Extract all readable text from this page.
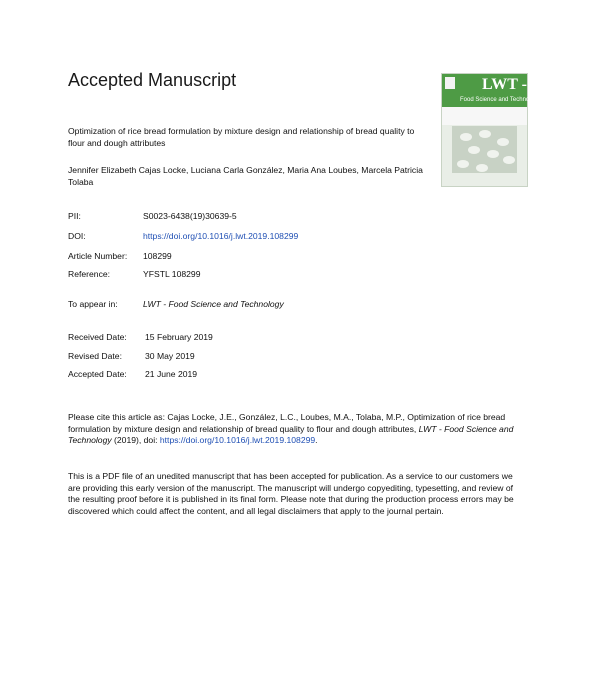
Accepted Manuscript	LWT -
Food Science and Technology
Optimization of rice bread formulation by mixture design and relationship of bread quality to flour and dough attributes
Jennifer Elizabeth Cajas Locke, Luciana Carla González, Maria Ana Loubes, Marcela Patricia Tolaba
PII:	S0023-6438(19)30639-5
DOI:	https://doi.org/10.1016/j.lwt.2019.108299
Article Number: 108299
Reference:	YFSTL 108299
To appear in:	LWT - Food Science and Technology
Received Date: 15 February 2019
Revised Date:	30 May 2019
Accepted Date: 21 June 2019
Please cite this article as: Cajas Locke, J.E., González, L.C., Loubes, M.A., Tolaba, M.P., Optimization of rice bread formulation by mixture design and relationship of bread quality to flour and dough attributes, LWT - Food Science and Technology (2019), doi: https://doi.org/10.1016/j.lwt.2019.108299.
This is a PDF file of an unedited manuscript that has been accepted for publication. As a service to our customers we are providing this early version of the manuscript. The manuscript will undergo copyediting, typesetting, and review of the resulting proof before it is published in its final form. Please note that during the production process errors may be discovered which could affect the content, and all legal disclaimers that apply to the journal pertain.
